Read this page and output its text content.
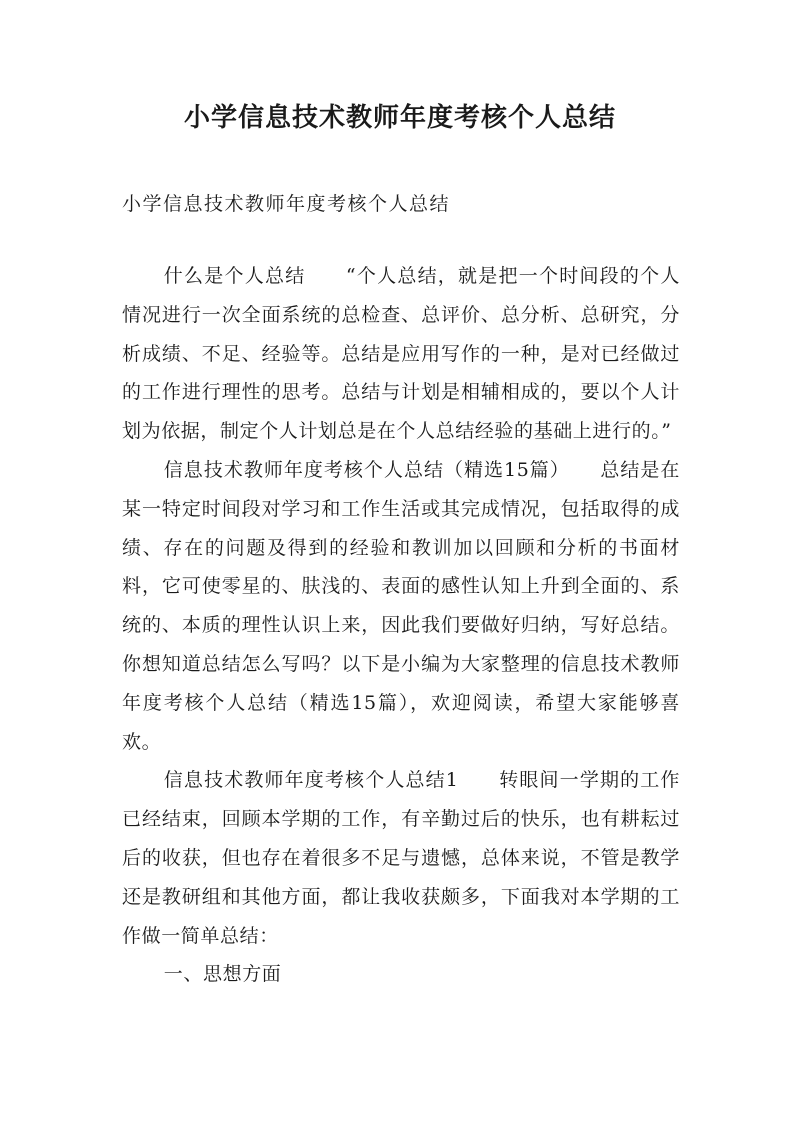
小学信息技术教师年度考核个人总结

小学信息技术教师年度考核个人总结

什么是个人总结　　“个人总结，就是把一个时间段的个人情况进行一次全面系统的总检查、总评价、总分析、总研究，分析成绩、不足、经验等。总结是应用写作的一种，是对已经做过的工作进行理性的思考。总结与计划是相辅相成的，要以个人计划为依据，制定个人计划总是在个人总结经验的基础上进行的。”

信息技术教师年度考核个人总结（精选15篇）　　总结是在某一特定时间段对学习和工作生活或其完成情况，包括取得的成绩、存在的问题及得到的经验和教训加以回顾和分析的书面材料，它可使零星的、肤浅的、表面的感性认知上升到全面的、系统的、本质的理性认识上来，因此我们要做好归纳，写好总结。你想知道总结怎么写吗？以下是小编为大家整理的信息技术教师年度考核个人总结（精选15篇），欢迎阅读，希望大家能够喜欢。

信息技术教师年度考核个人总结1　　转眼间一学期的工作已经结束，回顾本学期的工作，有辛勤过后的快乐，也有耕耘过后的收获，但也存在着很多不足与遗憾，总体来说，不管是教学还是教研组和其他方面，都让我收获颇多，下面我对本学期的工作做一简单总结：

一、思想方面
